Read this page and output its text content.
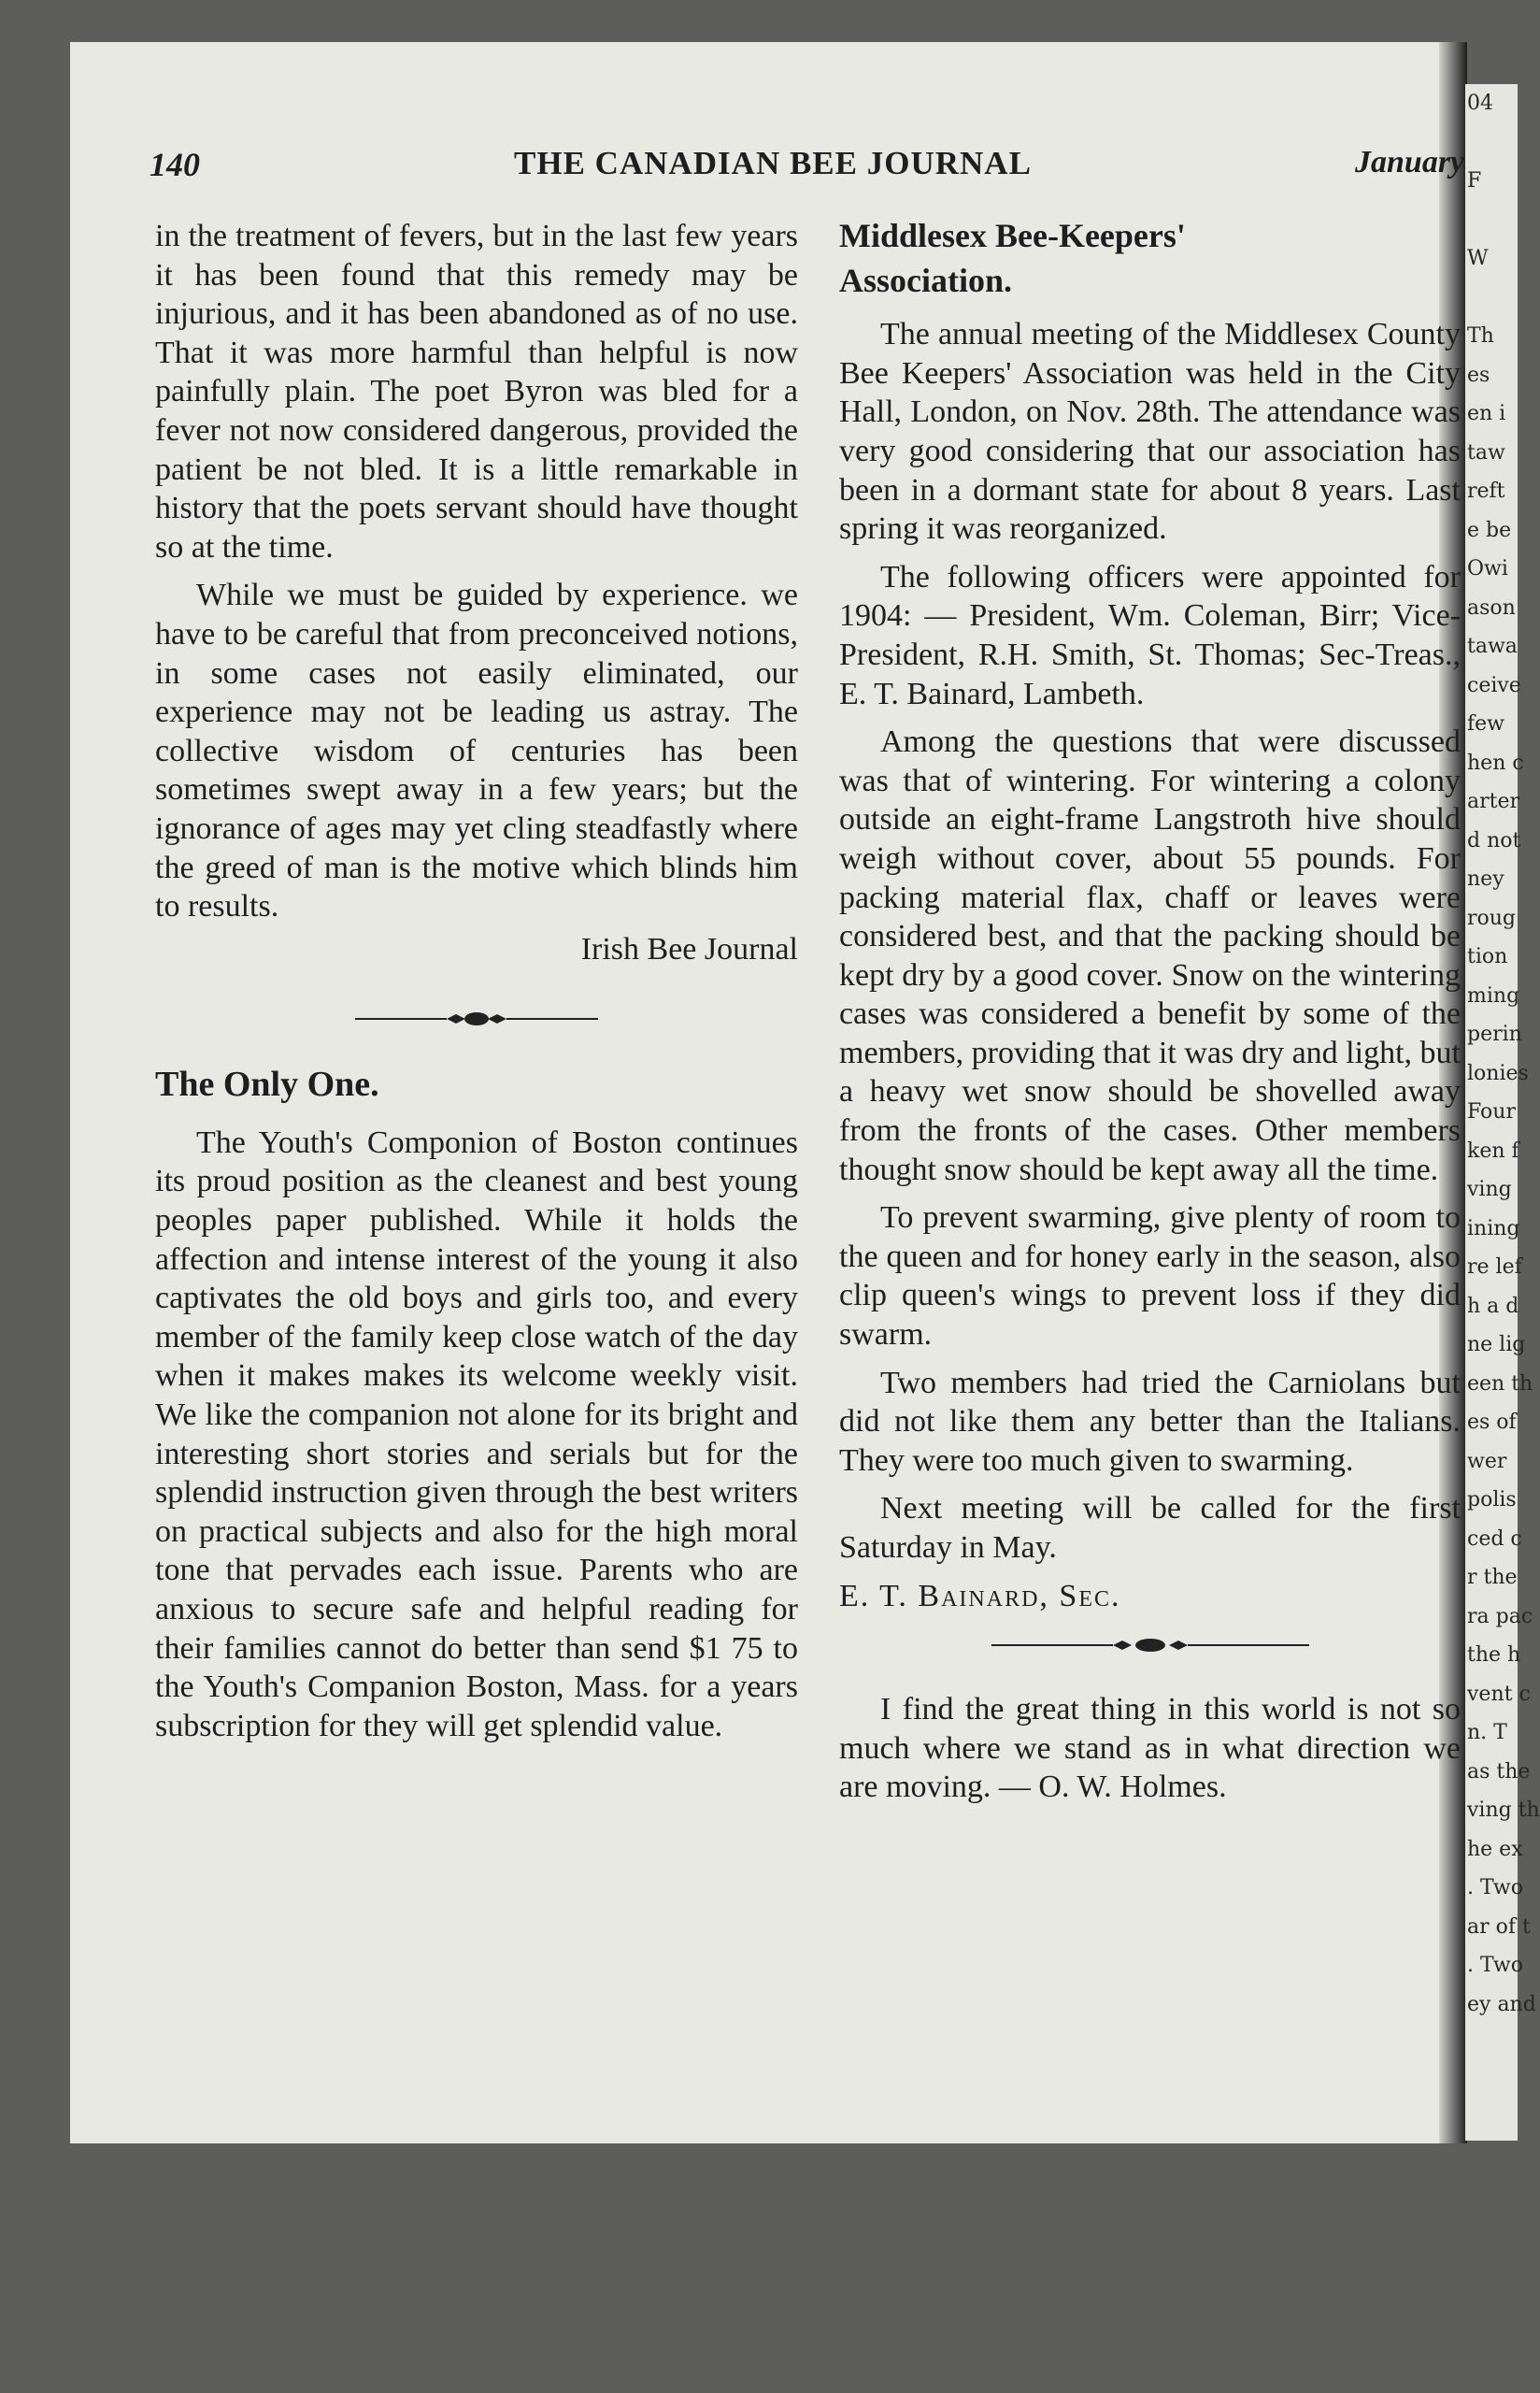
04

F

W

Th
es
en i
taw
reft
e be
Owi
ason
tawa
ceive
few
hen c
arter
d not
ney
roug
tion
ming
perin
lonies
Four
ken f
ving
ining
re lef
h a d
ne lig
een th
es of
wer
polis
ced c
r the
ra pac
the h
vent c
n. T
as the
ving th
he ex
. Two
ar of t
. Two
ey and
140	THE CANADIAN BEE JOURNAL	January

in the treatment of fevers, but in the last few years it has been found that this remedy may be injurious, and it has been abandoned as of no use. That it was more harmful than helpful is now painfully plain. The poet Byron was bled for a fever not now considered dangerous, provided the patient be not bled. It is a little remarkable in history that the poets servant should have thought so at the time.

While we must be guided by experience. we have to be careful that from preconceived notions, in some cases not easily eliminated, our experience may not be leading us astray. The collective wisdom of centuries has been sometimes swept away in a few years; but the ignorance of ages may yet cling steadfastly where the greed of man is the motive which blinds him to results.

Irish Bee Journal

The Only One.

The Youth's Componion of Boston continues its proud position as the cleanest and best young peoples paper published. While it holds the affection and intense interest of the young it also captivates the old boys and girls too, and every member of the family keep close watch of the day when it makes makes its welcome weekly visit. We like the companion not alone for its bright and interesting short stories and serials but for the splendid instruction given through the best writers on practical subjects and also for the high moral tone that pervades each issue. Parents who are anxious to secure safe and helpful reading for their families cannot do better than send $1 75 to the Youth's Companion Boston, Mass. for a years subscription for they will get splendid value.

Middlesex Bee-Keepers'

Association.

The annual meeting of the Middlesex County Bee Keepers' Association was held in the City Hall, London, on Nov. 28th. The attendance was very good considering that our association has been in a dormant state for about 8 years. Last spring it was reorganized.

The following officers were appointed for 1904: — President, Wm. Coleman, Birr; Vice-President, R.H. Smith, St. Thomas; Sec-Treas., E. T. Bainard, Lambeth.

Among the questions that were discussed was that of wintering. For wintering a colony outside an eight-frame Langstroth hive should weigh without cover, about 55 pounds. For packing material flax, chaff or leaves were considered best, and that the packing should be kept dry by a good cover. Snow on the wintering cases was considered a benefit by some of the members, providing that it was dry and light, but a heavy wet snow should be shovelled away from the fronts of the cases. Other members thought snow should be kept away all the time.

To prevent swarming, give plenty of room to the queen and for honey early in the season, also clip queen's wings to prevent loss if they did swarm.

Two members had tried the Carniolans but did not like them any better than the Italians. They were too much given to swarming.

Next meeting will be called for the first Saturday in May.

E. T. Bainard, Sec.

I find the great thing in this world is not so much where we stand as in what direction we are moving. — O. W. Holmes.
